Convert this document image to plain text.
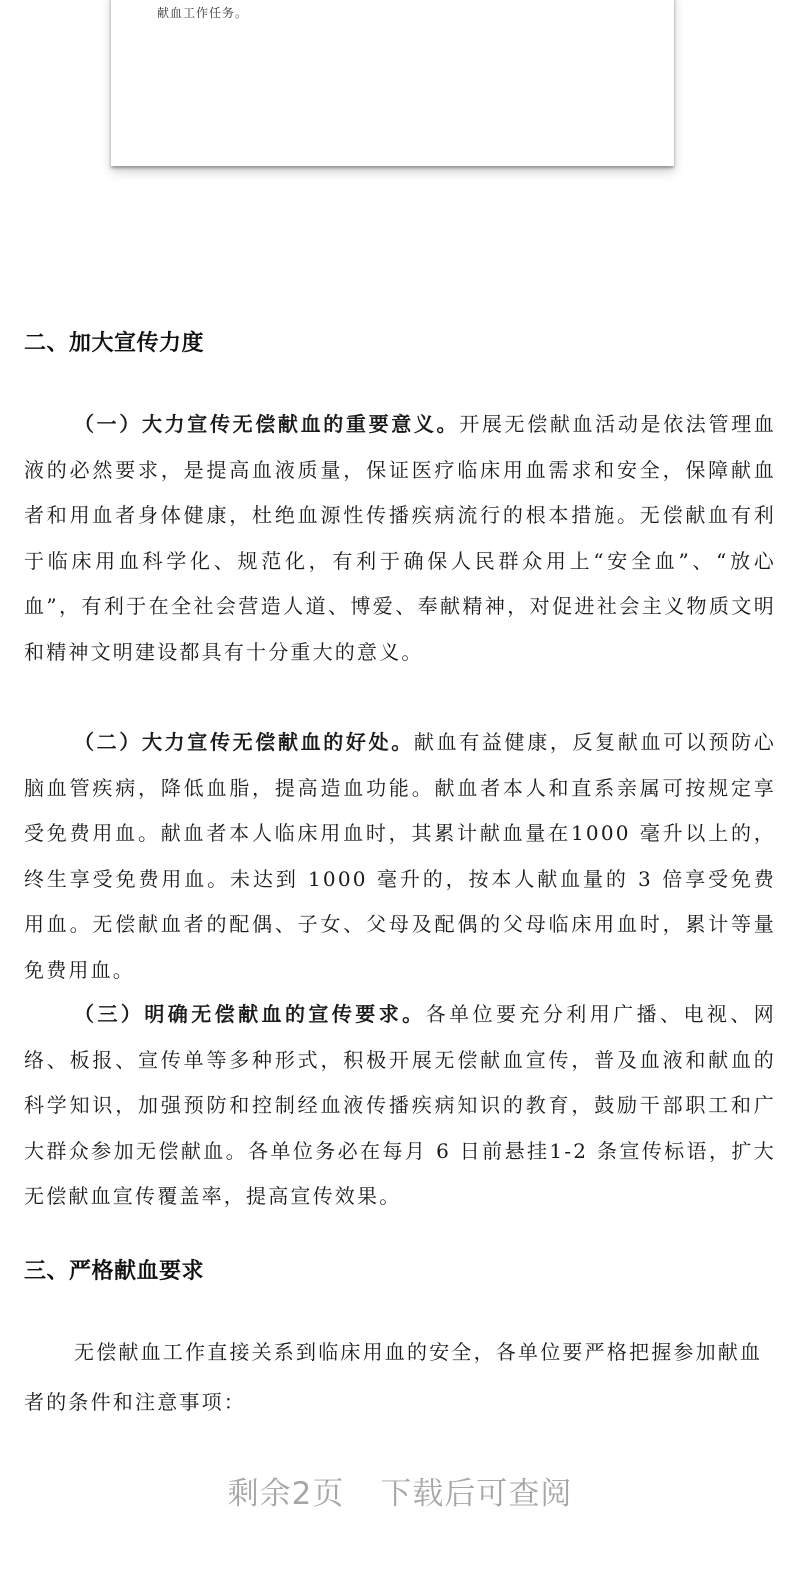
献血工作任务。
二、加大宣传力度

（一）大力宣传无偿献血的重要意义。开展无偿献血活动是依法管理血液的必然要求，是提高血液质量，保证医疗临床用血需求和安全，保障献血者和用血者身体健康，杜绝血源性传播疾病流行的根本措施。无偿献血有利于临床用血科学化、规范化，有利于确保人民群众用上“安全血”、“放心血”，有利于在全社会营造人道、博爱、奉献精神，对促进社会主义物质文明和精神文明建设都具有十分重大的意义。

（二）大力宣传无偿献血的好处。献血有益健康，反复献血可以预防心脑血管疾病，降低血脂，提高造血功能。献血者本人和直系亲属可按规定享受免费用血。献血者本人临床用血时，其累计献血量在1000 毫升以上的，终生享受免费用血。未达到 1000 毫升的，按本人献血量的 3 倍享受免费用血。无偿献血者的配偶、子女、父母及配偶的父母临床用血时，累计等量免费用血。

（三）明确无偿献血的宣传要求。各单位要充分利用广播、电视、网络、板报、宣传单等多种形式，积极开展无偿献血宣传，普及血液和献血的科学知识，加强预防和控制经血液传播疾病知识的教育，鼓励干部职工和广大群众参加无偿献血。各单位务必在每月 6 日前悬挂1-2 条宣传标语，扩大无偿献血宣传覆盖率，提高宣传效果。

三、严格献血要求

无偿献血工作直接关系到临床用血的安全，各单位要严格把握参加献血者的条件和注意事项：

剩余2页 下载后可查阅
